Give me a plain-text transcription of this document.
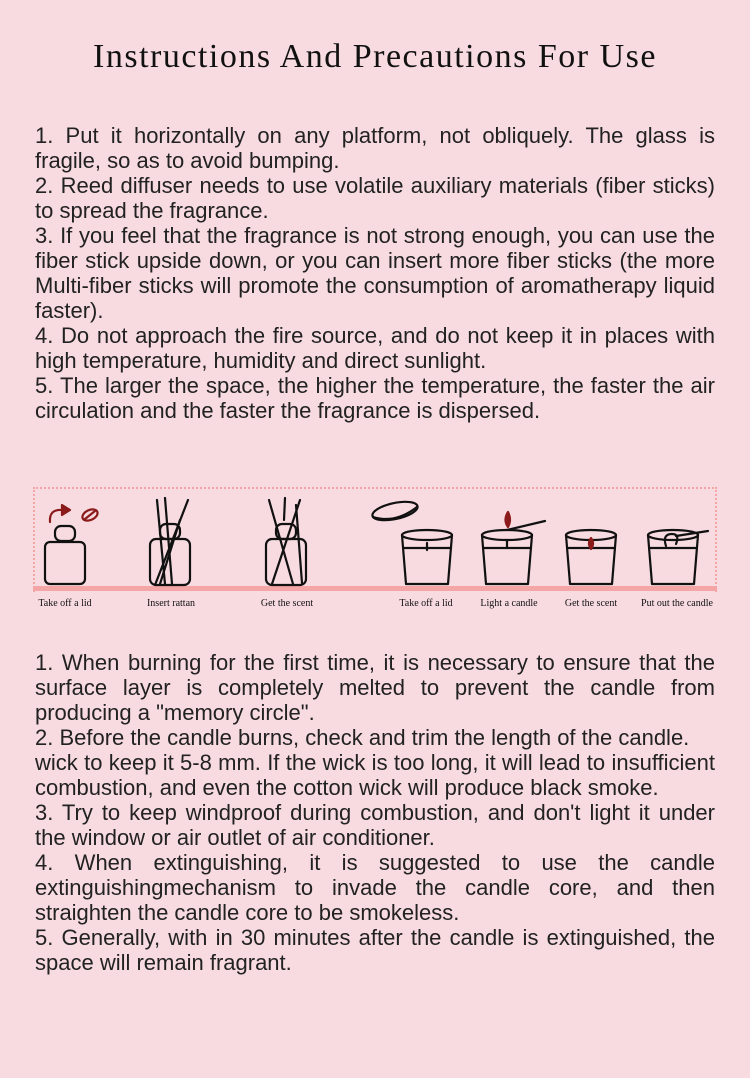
Instructions And Precautions For Use

1. Put it horizontally on any platform, not obliquely. The glass is fragile, so as to avoid bumping.

2. Reed diffuser needs to use volatile auxiliary materials (fiber sticks) to spread the fragrance.

3. If you feel that the fragrance is not strong enough, you can use the fiber stick upside down, or you can insert more fiber sticks (the more Multi-fiber sticks will promote the consumption of aromatherapy liquid faster).

4. Do not approach the fire source, and do not keep it in places with high temperature, humidity and direct sunlight.

5. The larger the space, the higher the temperature, the faster the air circulation and the faster the fragrance is dispersed.

Take off a lid	Insert rattan	Get the scent	Take off a lid	Light a candle	Get the scent Put out the candle

1. When burning for the first time, it is necessary to ensure that the surface layer is completely melted to prevent the candle from producing a "memory circle".

2. Before the candle burns, check and trim the length of the candle.

wick to keep it 5-8 mm. If the wick is too long, it will lead to insufficient combustion, and even the cotton wick will produce black smoke.

3. Try to keep windproof during combustion, and don't light it under the window or air outlet of air conditioner.

4. When extinguishing, it is suggested to use the candle extinguishingmechanism to invade the candle core, and then straighten the candle core to be smokeless.

5. Generally, with in 30 minutes after the candle is extinguished, the space will remain fragrant.
